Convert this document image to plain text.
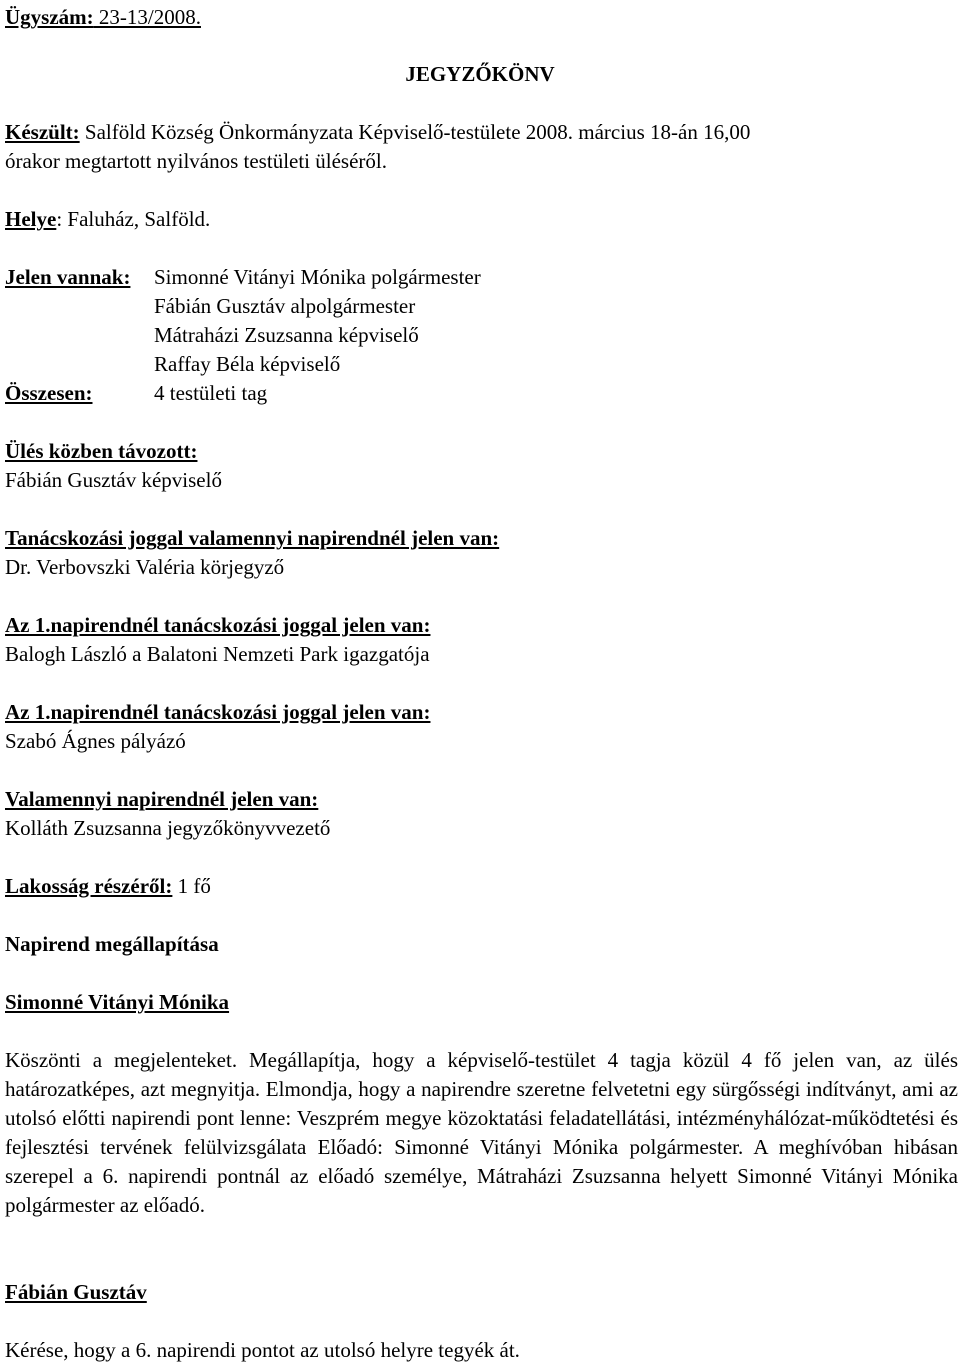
Ügyszám: 23-13/2008.
JEGYZŐKÖNV
Készült: Salföld Község Önkormányzata Képviselő-testülete 2008. március 18-án 16,00
órakor megtartott nyilvános testületi üléséről.
Helye: Faluház, Salföld.
Jelen vannak: Simonné Vitányi Mónika polgármester
Fábián Gusztáv alpolgármester
Mátraházi Zsuzsanna képviselő
Raffay Béla képviselő
Összesen:	4 testületi tag
Ülés közben távozott:
Fábián Gusztáv képviselő
Tanácskozási joggal valamennyi napirendnél jelen van:
Dr. Verbovszki Valéria körjegyző
Az 1.napirendnél tanácskozási joggal jelen van:
Balogh László a Balatoni Nemzeti Park igazgatója
Az 1.napirendnél tanácskozási joggal jelen van:
Szabó Ágnes pályázó
Valamennyi napirendnél jelen van:
Kolláth Zsuzsanna jegyzőkönyvvezető
Lakosság részéről: 1 fő
Napirend megállapítása
Simonné Vitányi Mónika
Köszönti a megjelenteket. Megállapítja, hogy a képviselő-testület 4 tagja közül 4 fő jelen van, az ülés határozatképes, azt megnyitja. Elmondja, hogy a napirendre szeretne felvetetni egy sürgősségi indítványt, ami az utolsó előtti napirendi pont lenne: Veszprém megye közoktatási feladatellátási, intézményhálózat-működtetési és fejlesztési tervének felülvizsgálata Előadó: Simonné Vitányi Mónika polgármester. A meghívóban hibásan szerepel a 6. napirendi pontnál az előadó személye, Mátraházi Zsuzsanna helyett Simonné Vitányi Mónika polgármester az előadó.
Fábián Gusztáv
Kérése, hogy a 6. napirendi pontot az utolsó helyre tegyék át.
